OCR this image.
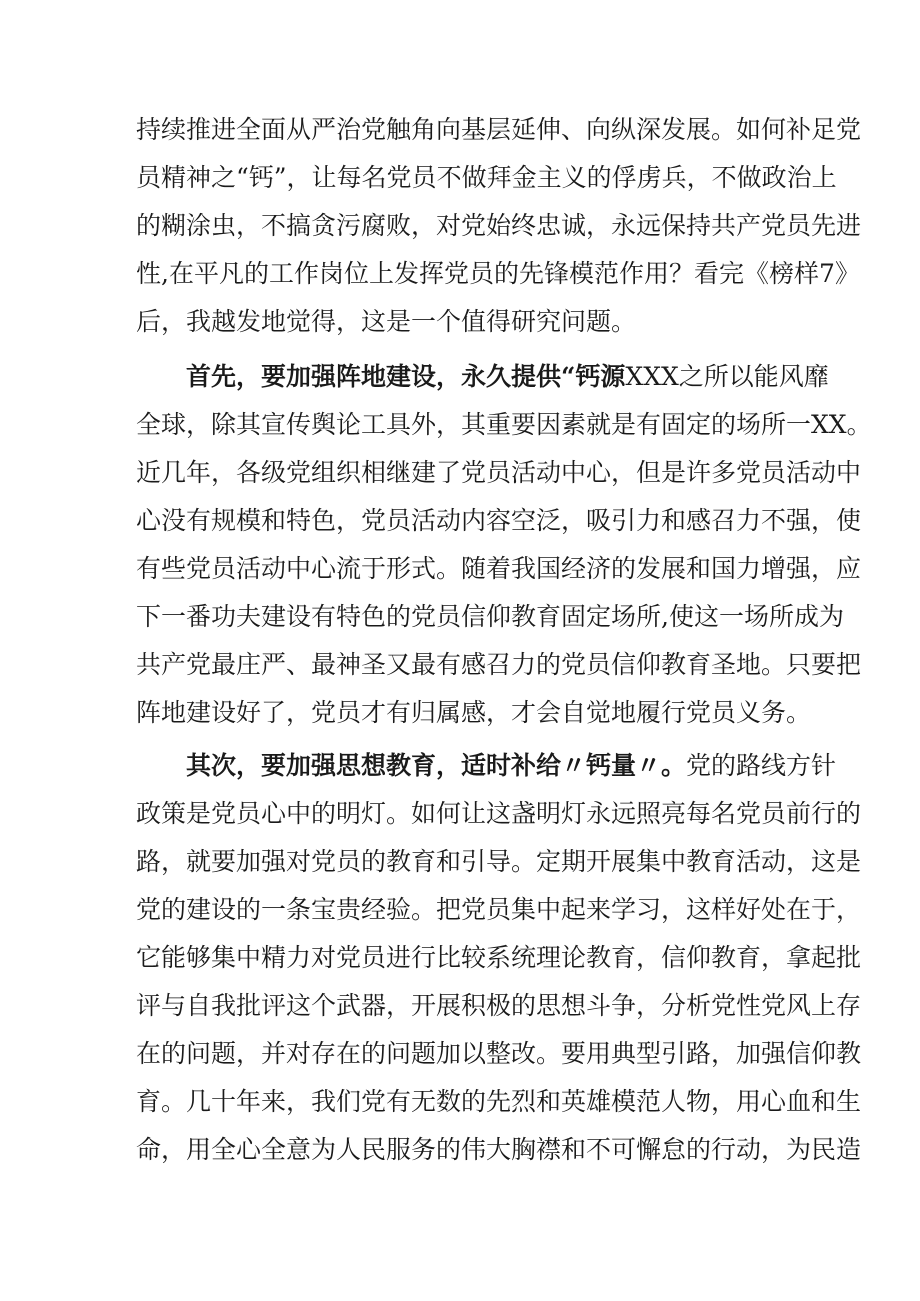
持续推进全面从严治党触角向基层延伸、向纵深发展。如何补足党
员精神之“钙”，让每名党员不做拜金主义的俘虏兵，不做政治上
的糊涂虫，不搞贪污腐败，对党始终忠诚，永远保持共产党员先进
性,在平凡的工作岗位上发挥党员的先锋模范作用？看完《榜样7》
后，我越发地觉得，这是一个值得研究问题。
首先，要加强阵地建设，永久提供“钙源XXX之所以能风靡
全球，除其宣传舆论工具外，其重要因素就是有固定的场所一XX。
近几年，各级党组织相继建了党员活动中心，但是许多党员活动中
心没有规模和特色，党员活动内容空泛，吸引力和感召力不强，使
有些党员活动中心流于形式。随着我国经济的发展和国力增强，应
下一番功夫建设有特色的党员信仰教育固定场所,使这一场所成为
共产党最庄严、最神圣又最有感召力的党员信仰教育圣地。只要把
阵地建设好了，党员才有归属感，才会自觉地履行党员义务。
其次，要加强思想教育，适时补给〃钙量〃。党的路线方针
政策是党员心中的明灯。如何让这盏明灯永远照亮每名党员前行的
路，就要加强对党员的教育和引导。定期开展集中教育活动，这是
党的建设的一条宝贵经验。把党员集中起来学习，这样好处在于，
它能够集中精力对党员进行比较系统理论教育，信仰教育，拿起批
评与自我批评这个武器，开展积极的思想斗争，分析党性党风上存
在的问题，并对存在的问题加以整改。要用典型引路，加强信仰教
育。几十年来，我们党有无数的先烈和英雄模范人物，用心血和生
命，用全心全意为人民服务的伟大胸襟和不可懈怠的行动，为民造
